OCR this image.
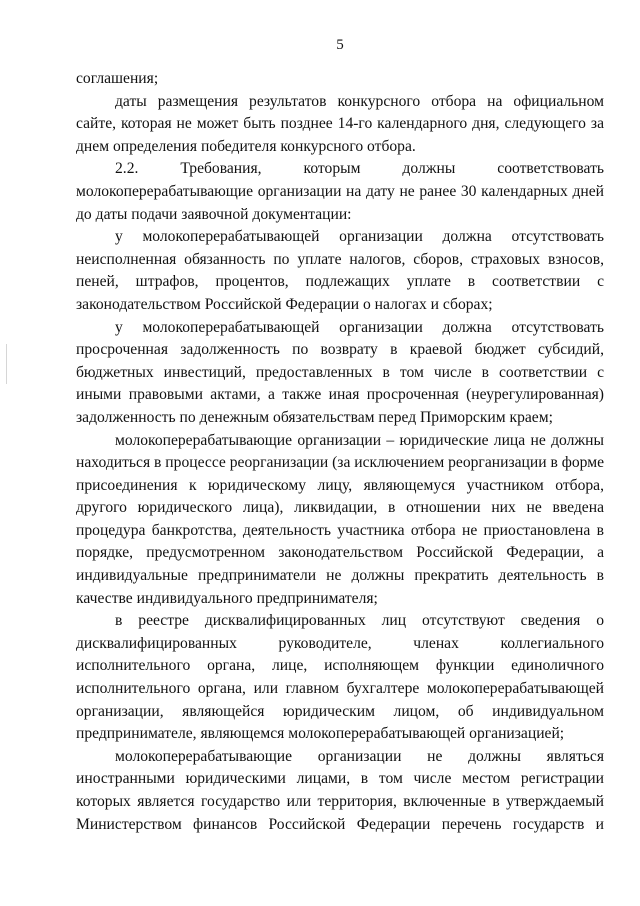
5

соглашения;

даты размещения результатов конкурсного отбора на официальном сайте, которая не может быть позднее 14-го календарного дня, следующего за днем определения победителя конкурсного отбора.

2.2. Требования, которым должны соответствовать молокоперерабатывающие организации на дату не ранее 30 календарных дней до даты подачи заявочной документации:

у молокоперерабатывающей организации должна отсутствовать неисполненная обязанность по уплате налогов, сборов, страховых взносов, пеней, штрафов, процентов, подлежащих уплате в соответствии с законодательством Российской Федерации о налогах и сборах;

у молокоперерабатывающей организации должна отсутствовать просроченная задолженность по возврату в краевой бюджет субсидий, бюджетных инвестиций, предоставленных в том числе в соответствии с иными правовыми актами, а также иная просроченная (неурегулированная) задолженность по денежным обязательствам перед Приморским краем;

молокоперерабатывающие организации – юридические лица не должны находиться в процессе реорганизации (за исключением реорганизации в форме присоединения к юридическому лицу, являющемуся участником отбора, другого юридического лица), ликвидации, в отношении них не введена процедура банкротства, деятельность участника отбора не приостановлена в порядке, предусмотренном законодательством Российской Федерации, а индивидуальные предприниматели не должны прекратить деятельность в качестве индивидуального предпринимателя;

в реестре дисквалифицированных лиц отсутствуют сведения о дисквалифицированных руководителе, членах коллегиального исполнительного органа, лице, исполняющем функции единоличного исполнительного органа, или главном бухгалтере молокоперерабатывающей организации, являющейся юридическим лицом, об индивидуальном предпринимателе, являющемся молокоперерабатывающей организацией;

молокоперерабатывающие организации не должны являться иностранными юридическими лицами, в том числе местом регистрации которых является государство или территория, включенные в утверждаемый Министерством финансов Российской Федерации перечень государств и
